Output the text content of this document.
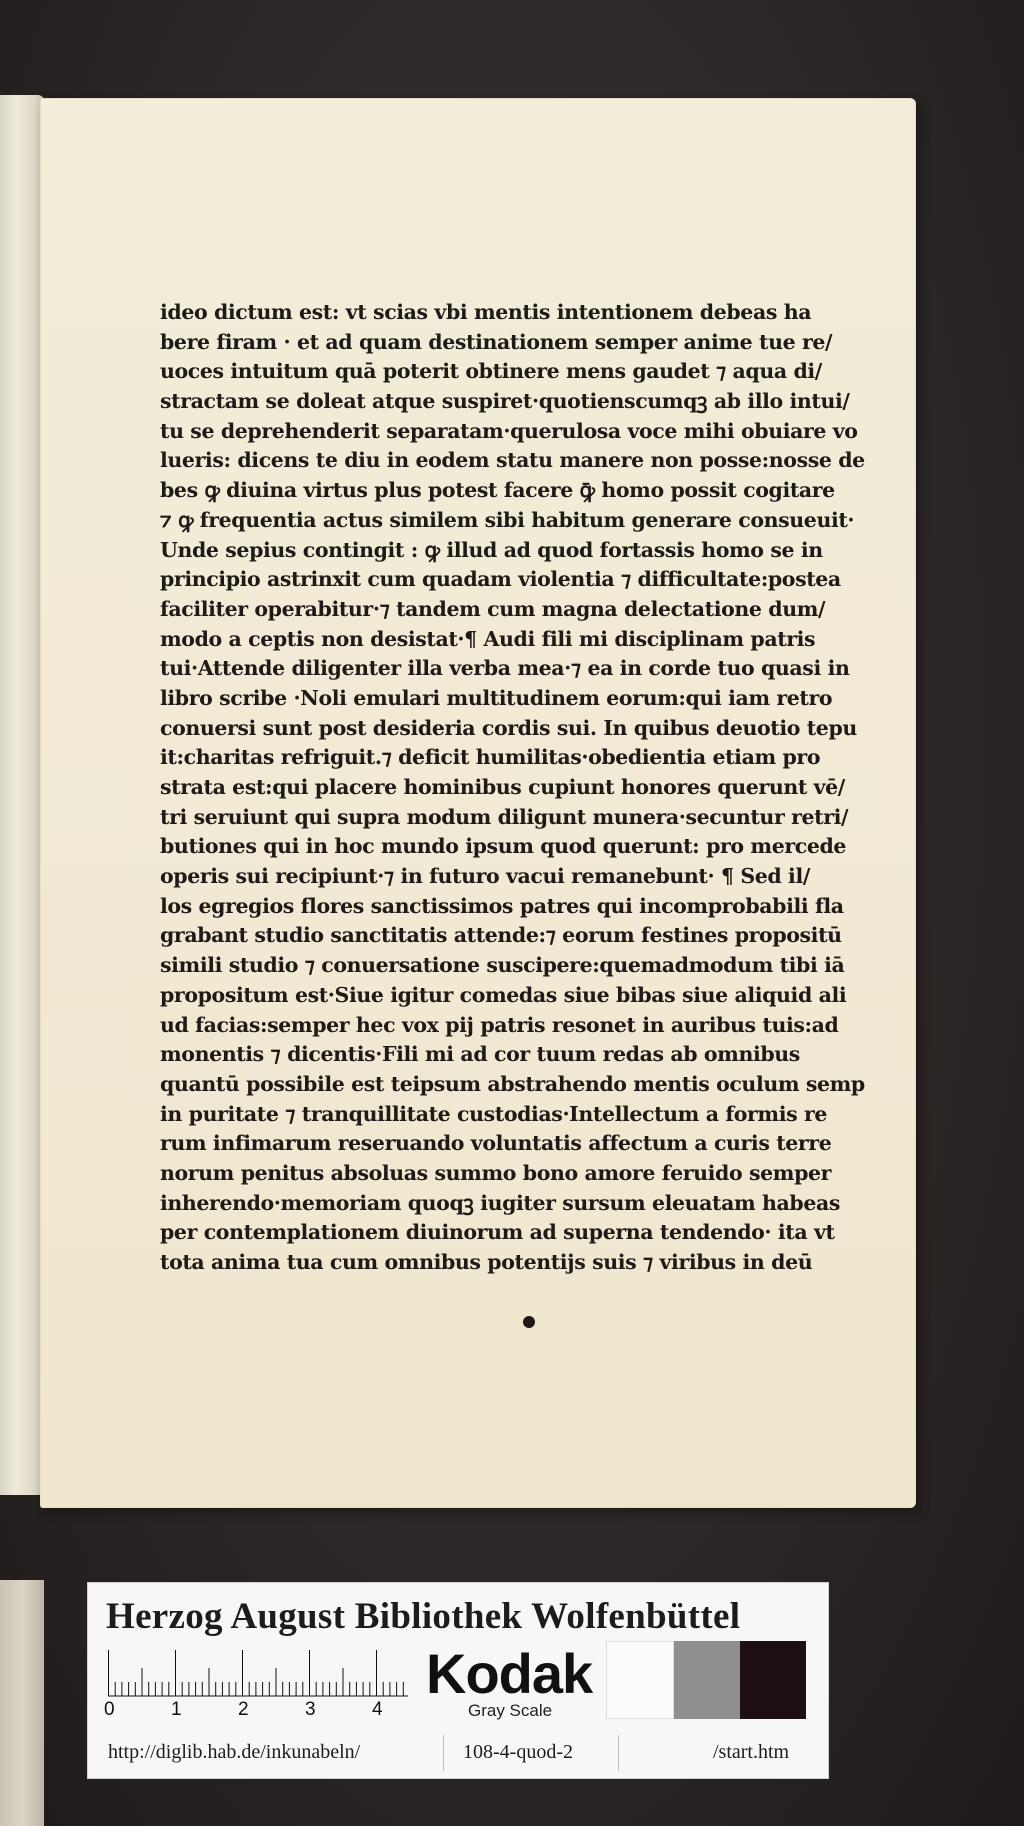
ideo dictum est: vt scias vbi mentis intentionem debeas ha
bere firam · et ad quam destinationem semper anime tue re/
uoces intuitum quā poterit obtinere mens gaudet ⁊ aqua di/
stractam se doleat atque suspiret·quotienscumqꝫ ab illo intui/
tu se deprehenderit separatam·querulosa voce mihi obuiare vo
lueris: dicens te diu in eodem statu manere non posse:nosse de
bes ꝙ diuina virtus plus potest facere ꝙ̄ homo possit cogitare
⁊ ꝙ frequentia actus similem sibi habitum generare consueuit·
Unde sepius contingit : ꝙ illud ad quod fortassis homo se in
principio astrinxit cum quadam violentia ⁊ difficultate:postea
faciliter operabitur·⁊ tandem cum magna delectatione dum/
modo a ceptis non desistat·¶ Audi fili mi disciplinam patris
tui·Attende diligenter illa verba mea·⁊ ea in corde tuo quasi in
libro scribe ·Noli emulari multitudinem eorum:qui iam retro
conuersi sunt post desideria cordis sui. In quibus deuotio tepu
it:charitas refriguit.⁊ deficit humilitas·obedientia etiam pro
strata est:qui placere hominibus cupiunt honores querunt vē/
tri seruiunt qui supra modum diligunt munera·secuntur retri/
butiones qui in hoc mundo ipsum quod querunt: pro mercede
operis sui recipiunt·⁊ in futuro vacui remanebunt· ¶ Sed il/
los egregios flores sanctissimos patres qui incomprobabili fla
grabant studio sanctitatis attende:⁊ eorum festines propositū
simili studio ⁊ conuersatione suscipere:quemadmodum tibi iā
propositum est·Siue igitur comedas siue bibas siue aliquid ali
ud facias:semper hec vox pij patris resonet in auribus tuis:ad
monentis ⁊ dicentis·Fili mi ad cor tuum redas ab omnibus
quantū possibile est teipsum abstrahendo mentis oculum semp
in puritate ⁊ tranquillitate custodias·Intellectum a formis re
rum infimarum reseruando voluntatis affectum a curis terre
norum penitus absoluas summo bono amore feruido semper
inherendo·memoriam quoqꝫ iugiter sursum eleuatam habeas
per contemplationem diuinorum ad superna tendendo· ita vt
tota anima tua cum omnibus potentijs suis ⁊ viribus in deū
Herzog August Bibliothek Wolfenbüttel
0	1	2	3	4
Kodak
Gray Scale
http://diglib.hab.de/inkunabeln/	108-4-quod-2	/start.htm
